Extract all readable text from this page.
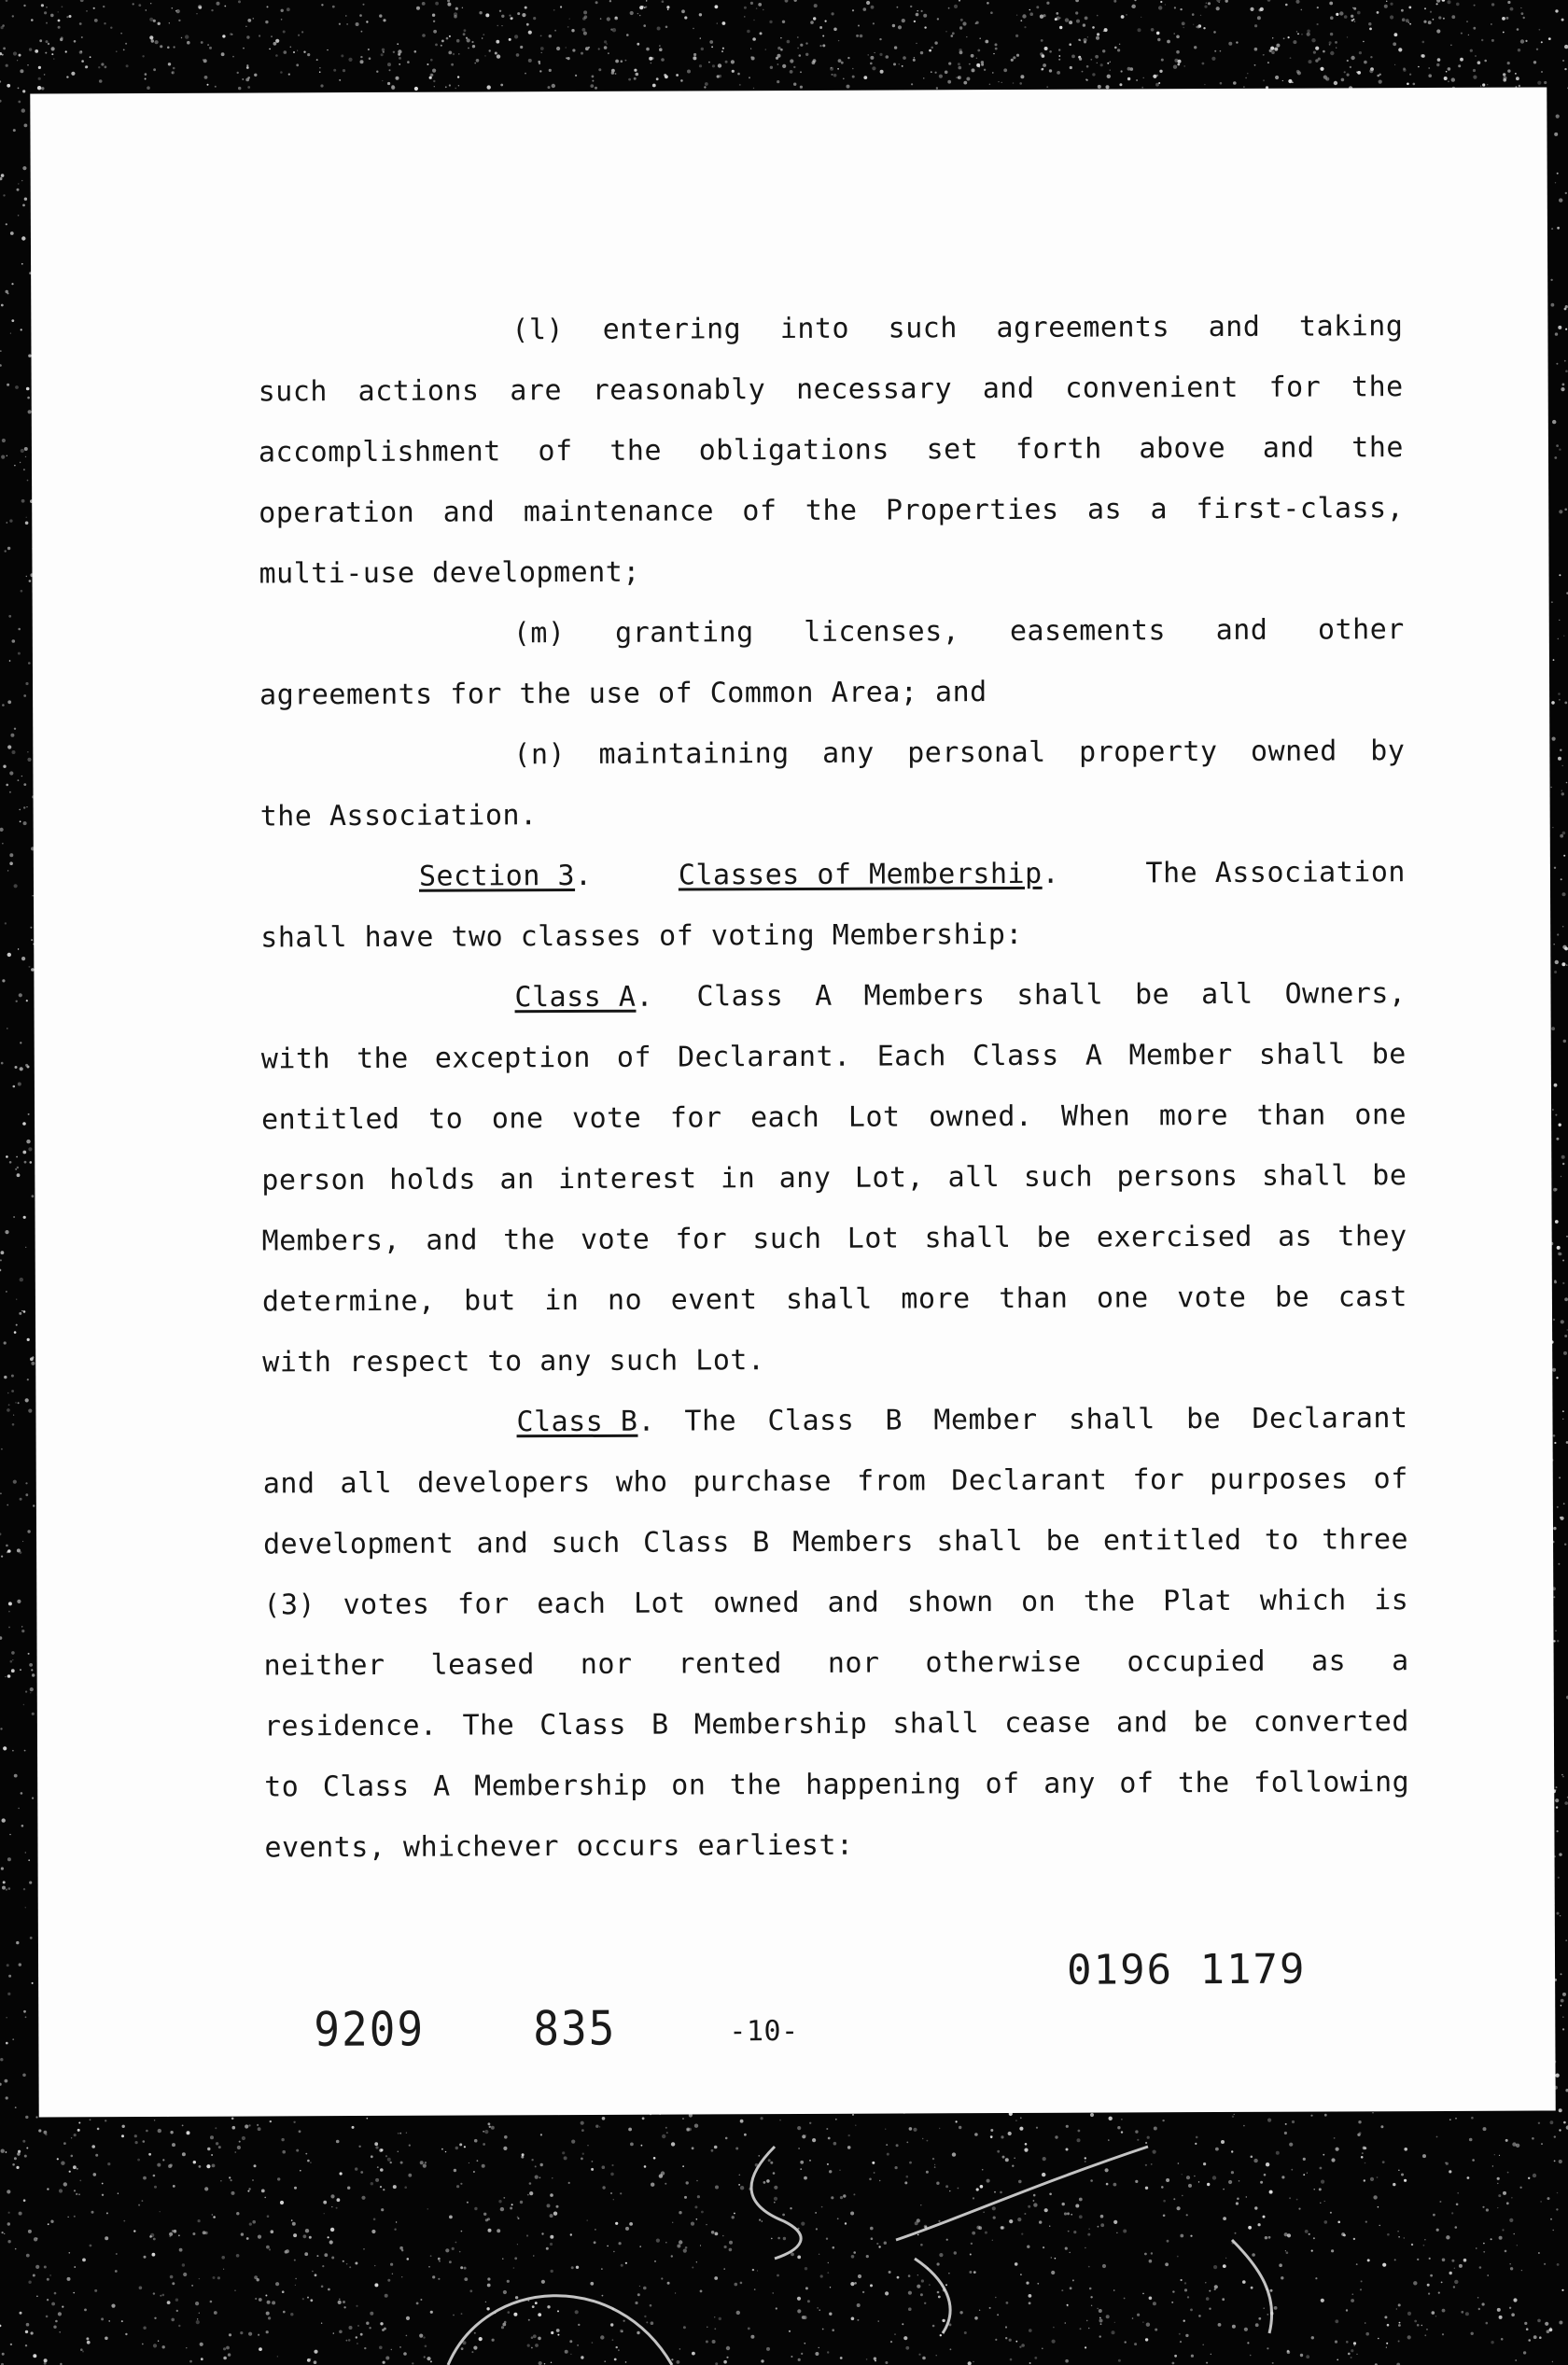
(l) entering into such agreements and taking
such actions are reasonably necessary and convenient for the
accomplishment of the obligations set forth above and the
operation and maintenance of the Properties as a first-class,
multi-use development;
(m) granting licenses, easements and other
agreements for the use of Common Area; and
(n) maintaining any personal property owned by
the Association.
Section 3.	Classes of Membership.	The Association
shall have two classes of voting Membership:
Class A. Class A Members shall be all Owners,
with the exception of Declarant. Each Class A Member shall be
entitled to one vote for each Lot owned. When more than one
person holds an interest in any Lot, all such persons shall be
Members, and the vote for such Lot shall be exercised as they
determine, but in no event shall more than one vote be cast
with respect to any such Lot.
Class B. The Class B Member shall be Declarant
and all developers who purchase from Declarant for purposes of
development and such Class B Members shall be entitled to three
(3) votes for each Lot owned and shown on the Plat which is
neither leased nor rented nor otherwise occupied as a
residence. The Class B Membership shall cease and be converted
to Class A Membership on the happening of any of the following
events, whichever occurs earliest:
0196 1179
9209	835	-10-
